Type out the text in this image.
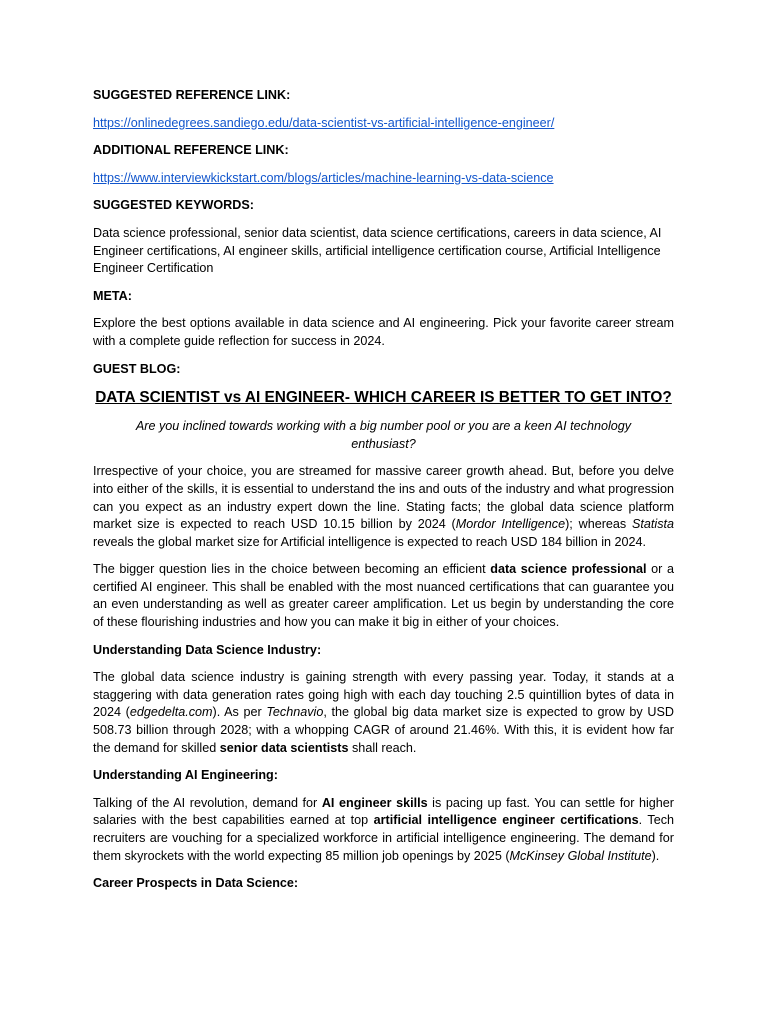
SUGGESTED REFERENCE LINK:
https://onlinedegrees.sandiego.edu/data-scientist-vs-artificial-intelligence-engineer/
ADDITIONAL REFERENCE LINK:
https://www.interviewkickstart.com/blogs/articles/machine-learning-vs-data-science
SUGGESTED KEYWORDS:

Data science professional, senior data scientist, data science certifications, careers in data science, AI Engineer certifications, AI engineer skills, artificial intelligence certification course, Artificial Intelligence Engineer Certification

META:

Explore the best options available in data science and AI engineering. Pick your favorite career stream with a complete guide reflection for success in 2024.

GUEST BLOG:
DATA SCIENTIST vs AI ENGINEER- WHICH CAREER IS BETTER TO GET INTO?
Are you inclined towards working with a big number pool or you are a keen AI technology enthusiast?

Irrespective of your choice, you are streamed for massive career growth ahead. But, before you delve into either of the skills, it is essential to understand the ins and outs of the industry and what progression can you expect as an industry expert down the line. Stating facts; the global data science platform market size is expected to reach USD 10.15 billion by 2024 (Mordor Intelligence); whereas Statista reveals the global market size for Artificial intelligence is expected to reach USD 184 billion in 2024.

The bigger question lies in the choice between becoming an efficient data science professional or a certified AI engineer. This shall be enabled with the most nuanced certifications that can guarantee you an even understanding as well as greater career amplification. Let us begin by understanding the core of these flourishing industries and how you can make it big in either of your choices.

Understanding Data Science Industry:

The global data science industry is gaining strength with every passing year. Today, it stands at a staggering with data generation rates going high with each day touching 2.5 quintillion bytes of data in 2024 (edgedelta.com). As per Technavio, the global big data market size is expected to grow by USD 508.73 billion through 2028; with a whopping CAGR of around 21.46%. With this, it is evident how far the demand for skilled senior data scientists shall reach.

Understanding AI Engineering:

Talking of the AI revolution, demand for AI engineer skills is pacing up fast. You can settle for higher salaries with the best capabilities earned at top artificial intelligence engineer certifications. Tech recruiters are vouching for a specialized workforce in artificial intelligence engineering. The demand for them skyrockets with the world expecting 85 million job openings by 2025 (McKinsey Global Institute).

Career Prospects in Data Science:
